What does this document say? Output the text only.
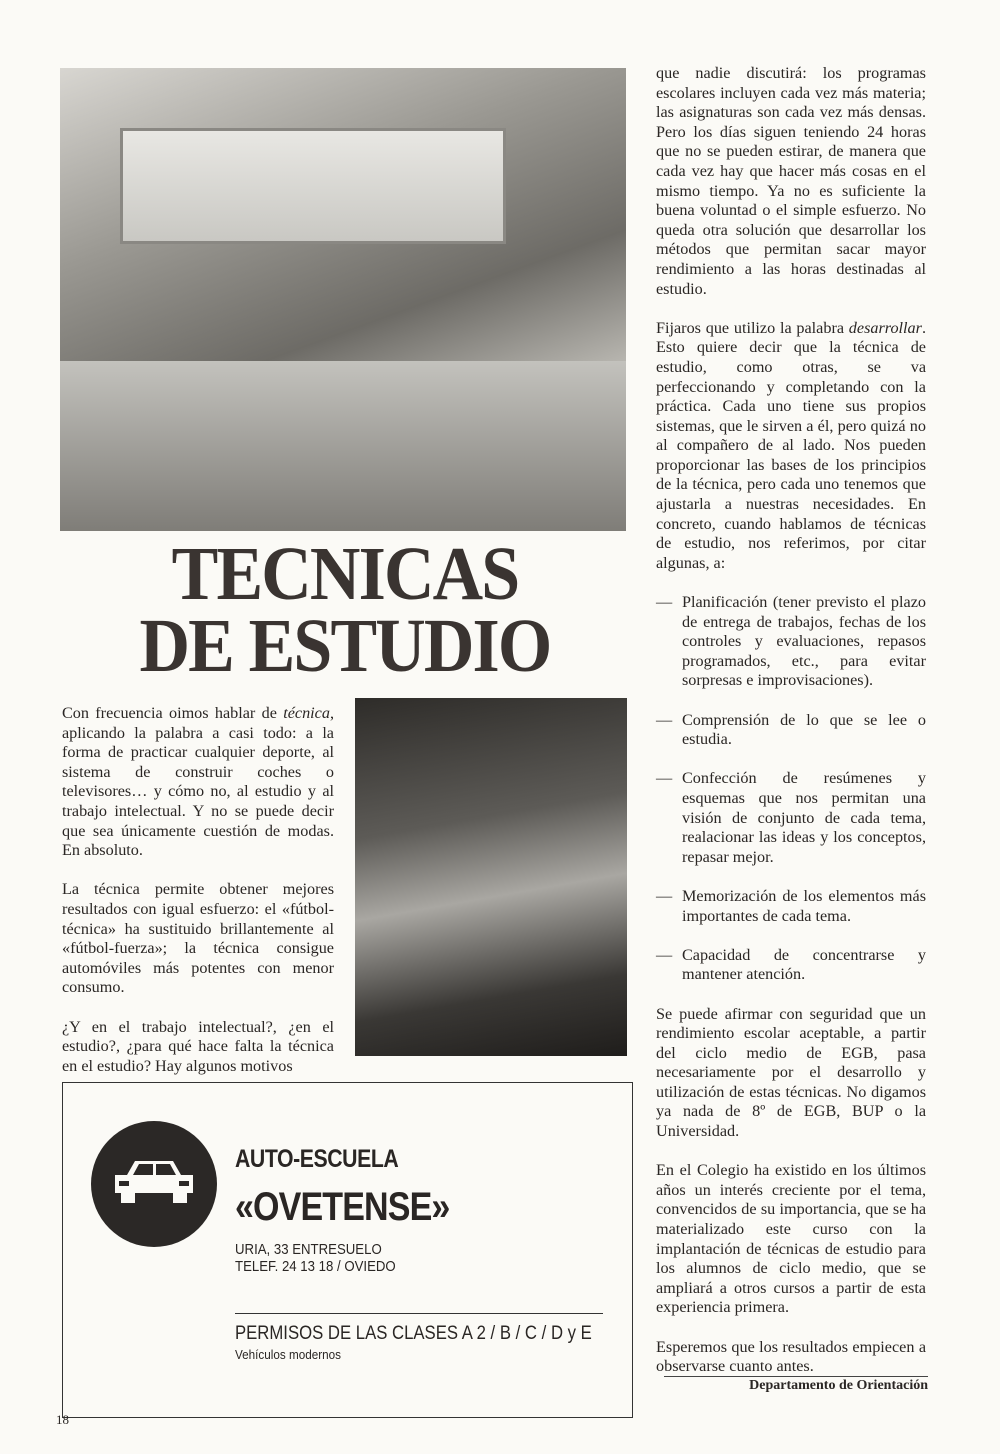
TECNICAS
DE ESTUDIO

Con frecuencia oimos hablar de técnica, aplicando la palabra a casi todo: a la forma de practicar cualquier deporte, al sistema de construir coches o televisores… y cómo no, al estudio y al trabajo intelectual. Y no se puede decir que sea únicamente cuestión de modas. En absoluto.

La técnica permite obtener mejores resultados con igual esfuerzo: el «fútbol-técnica» ha sustituido brillantemente al «fútbol-fuerza»; la técnica consigue automóviles más potentes con menor consumo.

¿Y en el trabajo intelectual?, ¿en el estudio?, ¿para qué hace falta la técnica en el estudio? Hay algunos motivos

que nadie discutirá: los programas escolares incluyen cada vez más materia; las asignaturas son cada vez más densas. Pero los días siguen teniendo 24 horas que no se pueden estirar, de manera que cada vez hay que hacer más cosas en el mismo tiempo. Ya no es suficiente la buena voluntad o el simple esfuerzo. No queda otra solución que desarrollar los métodos que permitan sacar mayor rendimiento a las horas destinadas al estudio.

Fijaros que utilizo la palabra desarrollar. Esto quiere decir que la técnica de estudio, como otras, se va perfeccionando y completando con la práctica. Cada uno tiene sus propios sistemas, que le sirven a él, pero quizá no al compañero de al lado. Nos pueden proporcionar las bases de los principios de la técnica, pero cada uno tenemos que ajustarla a nuestras necesidades. En concreto, cuando hablamos de técnicas de estudio, nos referimos, por citar algunas, a:

— Planificación (tener previsto el plazo de entrega de trabajos, fechas de los controles y evaluaciones, repasos programados, etc., para evitar sorpresas e improvisaciones).
— Comprensión de lo que se lee o estudia.
— Confección de resúmenes y esquemas que nos permitan una visión de conjunto de cada tema, realacionar las ideas y los conceptos, repasar mejor.
— Memorización de los elementos más importantes de cada tema.
— Capacidad de concentrarse y mantener atención.

Se puede afirmar con seguridad que un rendimiento escolar aceptable, a partir del ciclo medio de EGB, pasa necesariamente por el desarrollo y utilización de estas técnicas. No digamos ya nada de 8º de EGB, BUP o la Universidad.

En el Colegio ha existido en los últimos años un interés creciente por el tema, convencidos de su importancia, que se ha materializado este curso con la implantación de técnicas de estudio para los alumnos de ciclo medio, que se ampliará a otros cursos a partir de esta experiencia primera.

Esperemos que los resultados empiecen a observarse cuanto antes.

AUTO-ESCUELA
«OVETENSE»
URIA, 33 ENTRESUELO
TELEF. 24 13 18 / OVIEDO
PERMISOS DE LAS CLASES A 2 / B / C / D y E
Vehículos modernos
Departamento de Orientación
18
